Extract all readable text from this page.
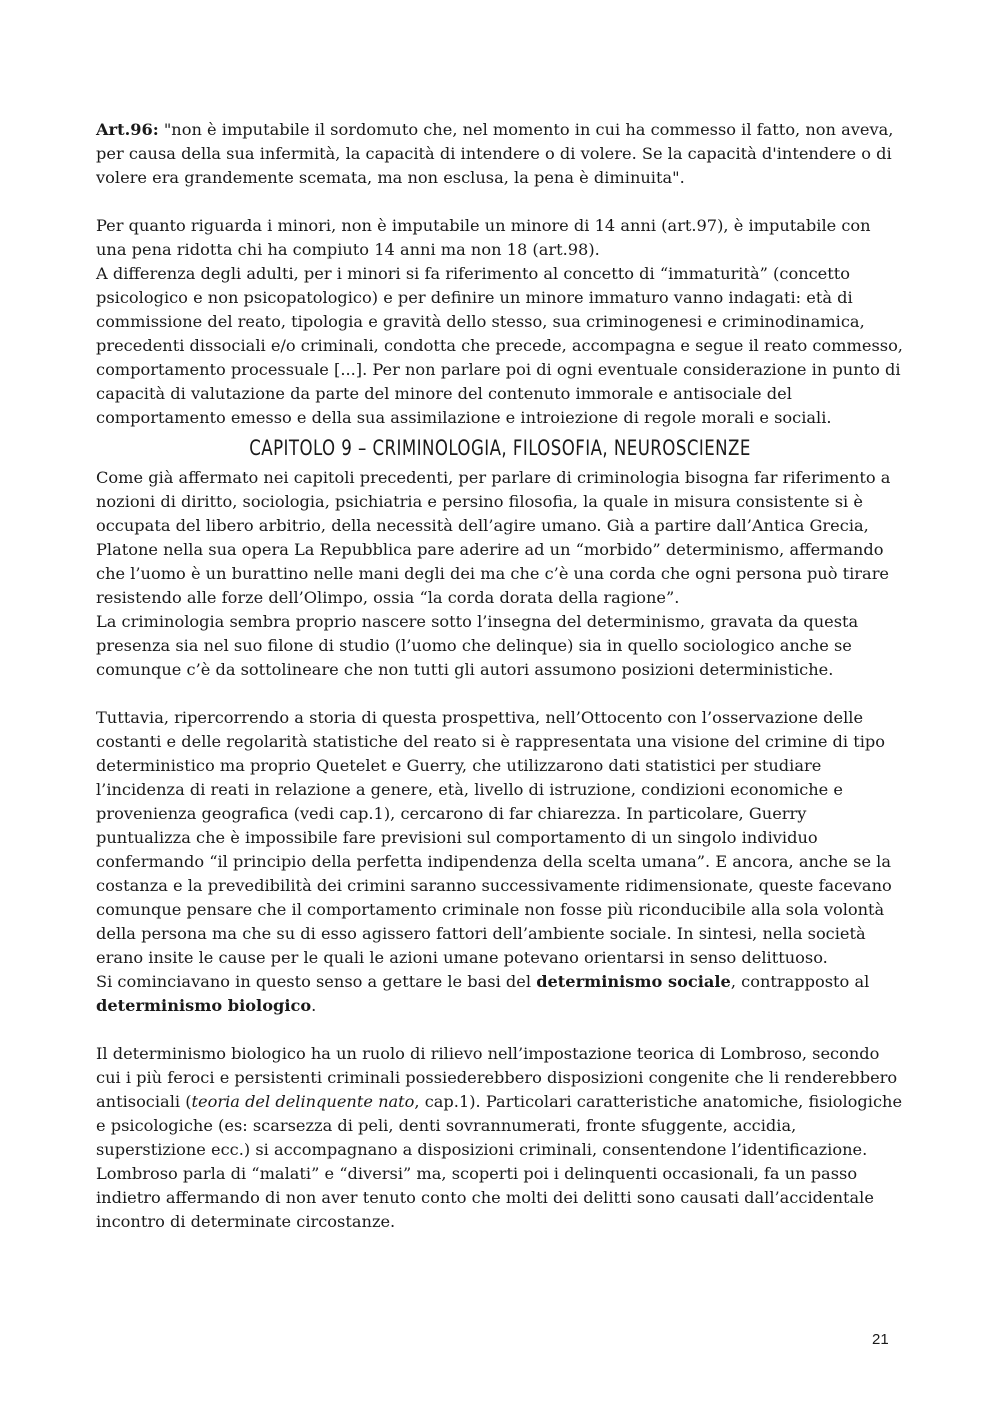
Art.96: "non è imputabile il sordomuto che, nel momento in cui ha commesso il fatto, non aveva, per causa della sua infermità, la capacità di intendere o di volere. Se la capacità d'intendere o di volere era grandemente scemata, ma non esclusa, la pena è diminuita".

Per quanto riguarda i minori, non è imputabile un minore di 14 anni (art.97), è imputabile con una pena ridotta chi ha compiuto 14 anni ma non 18 (art.98).

A differenza degli adulti, per i minori si fa riferimento al concetto di “immaturità” (concetto psicologico e non psicopatologico) e per definire un minore immaturo vanno indagati: età di commissione del reato, tipologia e gravità dello stesso, sua criminogenesi e criminodinamica, precedenti dissociali e/o criminali, condotta che precede, accompagna e segue il reato commesso, comportamento processuale [...]. Per non parlare poi di ogni eventuale considerazione in punto di capacità di valutazione da parte del minore del contenuto immorale e antisociale del comportamento emesso e della sua assimilazione e introiezione di regole morali e sociali.

CAPITOLO 9 – CRIMINOLOGIA, FILOSOFIA, NEUROSCIENZE

Come già affermato nei capitoli precedenti, per parlare di criminologia bisogna far riferimento a nozioni di diritto, sociologia, psichiatria e persino filosofia, la quale in misura consistente si è occupata del libero arbitrio, della necessità dell’agire umano. Già a partire dall’Antica Grecia, Platone nella sua opera La Repubblica pare aderire ad un “morbido” determinismo, affermando che l’uomo è un burattino nelle mani degli dei ma che c’è una corda che ogni persona può tirare resistendo alle forze dell’Olimpo, ossia “la corda dorata della ragione”.

La criminologia sembra proprio nascere sotto l’insegna del determinismo, gravata da questa presenza sia nel suo filone di studio (l’uomo che delinque) sia in quello sociologico anche se comunque c’è da sottolineare che non tutti gli autori assumono posizioni deterministiche.

Tuttavia, ripercorrendo a storia di questa prospettiva, nell’Ottocento con l’osservazione delle costanti e delle regolarità statistiche del reato si è rappresentata una visione del crimine di tipo deterministico ma proprio Quetelet e Guerry, che utilizzarono dati statistici per studiare l’incidenza di reati in relazione a genere, età, livello di istruzione, condizioni economiche e provenienza geografica (vedi cap.1), cercarono di far chiarezza. In particolare, Guerry puntualizza che è impossibile fare previsioni sul comportamento di un singolo individuo confermando “il principio della perfetta indipendenza della scelta umana”. E ancora, anche se la costanza e la prevedibilità dei crimini saranno successivamente ridimensionate, queste facevano comunque pensare che il comportamento criminale non fosse più riconducibile alla sola volontà della persona ma che su di esso agissero fattori dell’ambiente sociale. In sintesi, nella società erano insite le cause per le quali le azioni umane potevano orientarsi in senso delittuoso.

Si cominciavano in questo senso a gettare le basi del determinismo sociale, contrapposto al determinismo biologico.

Il determinismo biologico ha un ruolo di rilievo nell’impostazione teorica di Lombroso, secondo cui i più feroci e persistenti criminali possiederebbero disposizioni congenite che li renderebbero antisociali (teoria del delinquente nato, cap.1). Particolari caratteristiche anatomiche, fisiologiche e psicologiche (es: scarsezza di peli, denti sovrannumerati, fronte sfuggente, accidia, superstizione ecc.) si accompagnano a disposizioni criminali, consentendone l’identificazione. Lombroso parla di “malati” e “diversi” ma, scoperti poi i delinquenti occasionali, fa un passo indietro affermando di non aver tenuto conto che molti dei delitti sono causati dall’accidentale incontro di determinate circostanze.

21
